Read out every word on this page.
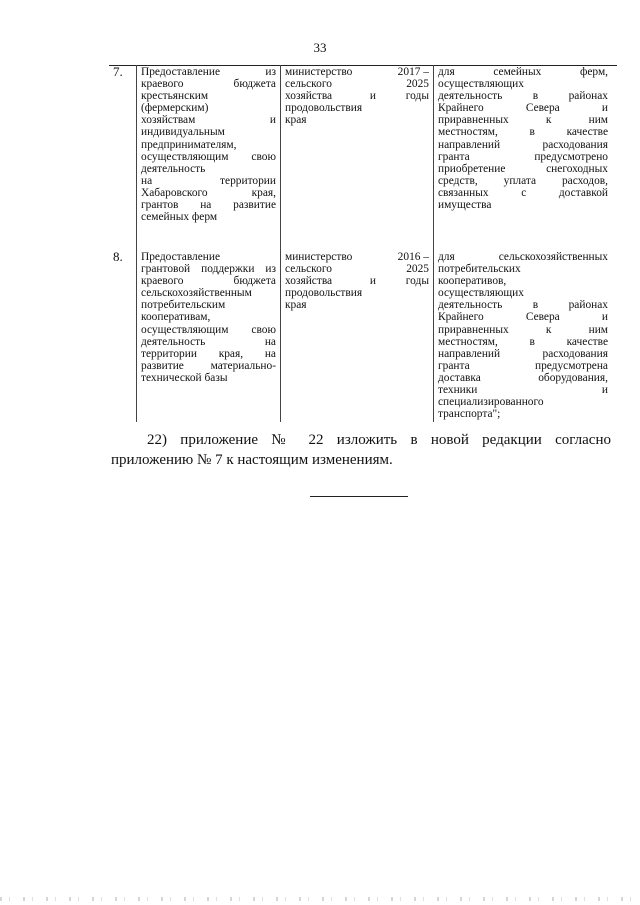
33
7. Предоставление из
краевого бюджета
крестьянским
(фермерским)
хозяйствам и
индивидуальным
предпринимателям,
осуществляющим свою
деятельность
на территории
Хабаровского края,
грантов на развитие
семейных ферм
министерство
сельского
хозяйства и
продовольствия
края
2017 –
2025
годы
для семейных ферм,
осуществляющих
деятельность в районах
Крайнего Севера и
приравненных к ним
местностям, в качестве
направлений расходования
гранта предусмотрено
приобретение снегоходных
средств, уплата расходов,
связанных с доставкой
имущества
8. Предоставление
грантовой поддержки из
краевого бюджета
сельскохозяйственным
потребительским
кооперативам,
осуществляющим свою
деятельность на
территории края, на
развитие материально-
технической базы
министерство
сельского
хозяйства и
продовольствия
края
2016 –
2025
годы
для сельскохозяйственных
потребительских
кооперативов,
осуществляющих
деятельность в районах
Крайнего Севера и
приравненных к ним
местностям, в качестве
направлений расходования
гранта предусмотрена
доставка оборудования,
техники и
специализированного
транспорта";
22) приложение № 22 изложить в новой редакции согласно
приложению № 7 к настоящим изменениям.
